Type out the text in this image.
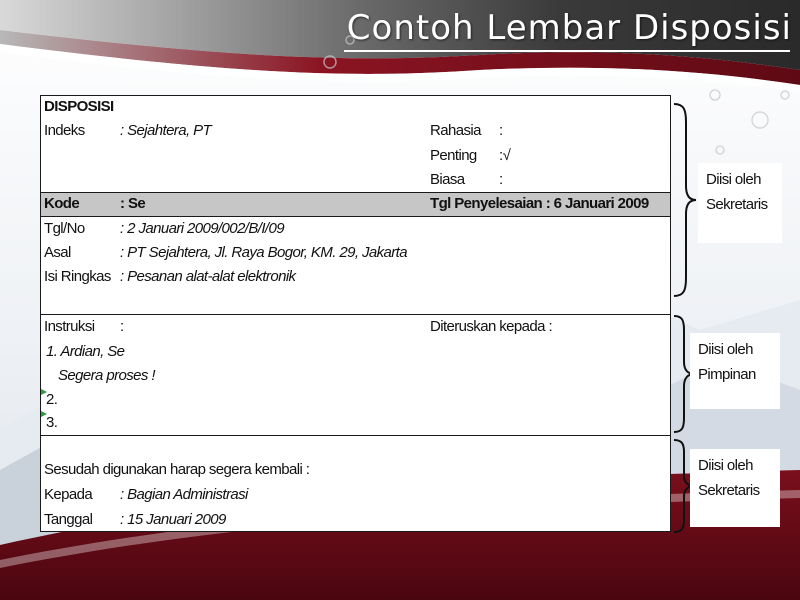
Contoh Lembar Disposisi
DISPOSISI
Indeks : Sejahtera, PT	Rahasia :
Penting :√
Biasa :
Kode	: Se	Tgl Penyelesaian : 6 Januari 2009
Tgl/No : 2 Januari 2009/002/B/I/09
Asal	: PT Sejahtera, Jl. Raya Bogor, KM. 29, Jakarta
Isi Ringkas : Pesanan alat-alat elektronik
Instruksi :	Diteruskan kepada :
1. Ardian, Se
Segera proses !
2.
3.
Sesudah digunakan harap segera kembali :
Kepada : Bagian Administrasi
Tanggal : 15 Januari 2009
Diisi oleh
Sekretaris
Diisi oleh
Pimpinan
Diisi oleh
Sekretaris
